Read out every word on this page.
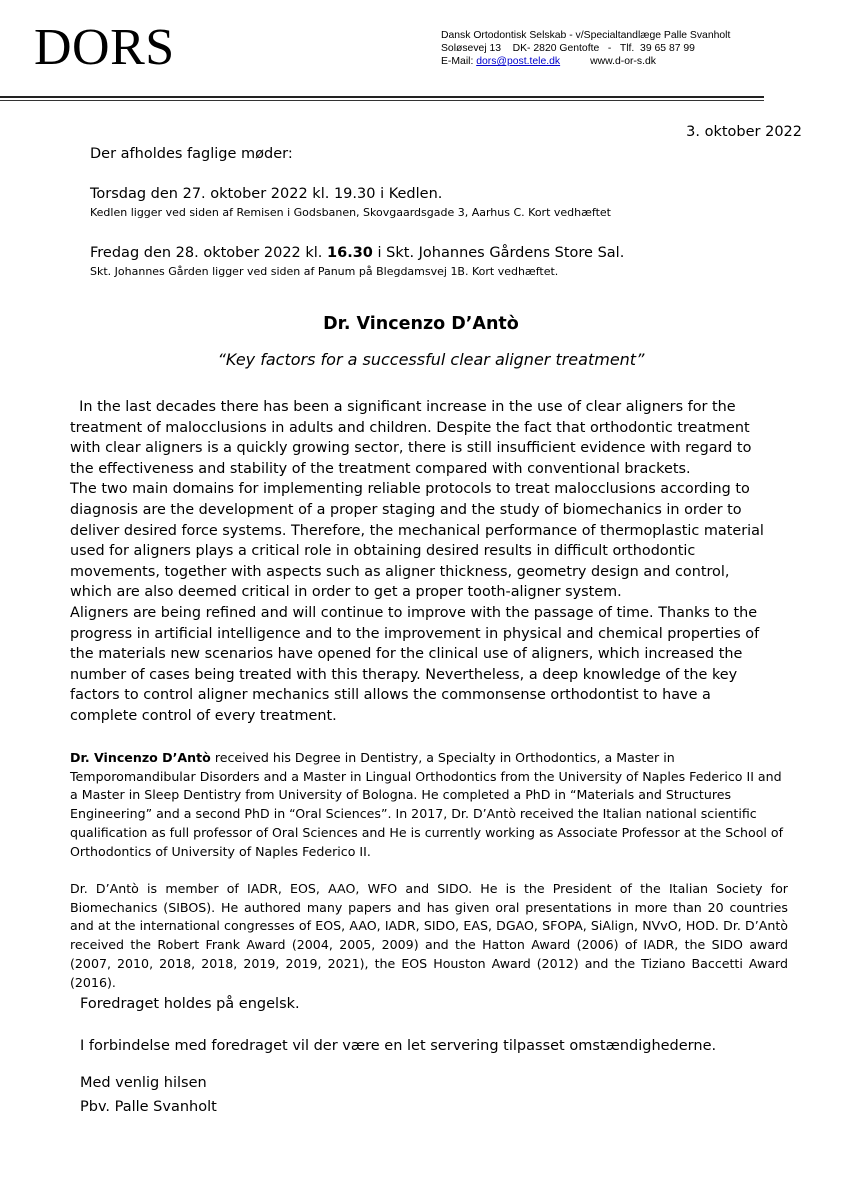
DORS	Dansk Ortodontisk Selskab - v/Specialtandlæge Palle Svanholt
Soløsevej 13    DK- 2820 Gentofte   -   Tlf.  39 65 87 99
E-Mail: dors@post.tele.dk	www.d-or-s.dk
3. oktober 2022
Der afholdes faglige møder:
Torsdag den 27. oktober 2022 kl. 19.30 i Kedlen.
Kedlen ligger ved siden af Remisen i Godsbanen, Skovgaardsgade 3, Aarhus C. Kort vedhæftet
Fredag den 28. oktober 2022 kl. 16.30 i Skt. Johannes Gårdens Store Sal.
Skt. Johannes Gården ligger ved siden af Panum på Blegdamsvej 1B. Kort vedhæftet.
Dr. Vincenzo D’Antò
“Key factors for a successful clear aligner treatment”
In the last decades there has been a significant increase in the use of clear aligners for the treatment of malocclusions in adults and children. Despite the fact that orthodontic treatment with clear aligners is a quickly growing sector, there is still insufficient evidence with regard to the effectiveness and stability of the treatment compared with conventional brackets.
The two main domains for implementing reliable protocols to treat malocclusions according to diagnosis are the development of a proper staging and the study of biomechanics in order to deliver desired force systems. Therefore, the mechanical performance of thermoplastic material used for aligners plays a critical role in obtaining desired results in difficult orthodontic movements, together with aspects such as aligner thickness, geometry design and control, which are also deemed critical in order to get a proper tooth-aligner system.
Aligners are being refined and will continue to improve with the passage of time. Thanks to the progress in artificial intelligence and to the improvement in physical and chemical properties of the materials new scenarios have opened for the clinical use of aligners, which increased the number of cases being treated with this therapy. Nevertheless, a deep knowledge of the key factors to control aligner mechanics still allows the commonsense orthodontist to have a complete control of every treatment.
Dr. Vincenzo D’Antò received his Degree in Dentistry, a Specialty in Orthodontics, a Master in Temporomandibular Disorders and a Master in Lingual Orthodontics from the University of Naples Federico II and a Master in Sleep Dentistry from University of Bologna. He completed a PhD in “Materials and Structures Engineering” and a second PhD in “Oral Sciences”. In 2017, Dr. D’Antò received the Italian national scientific qualification as full professor of Oral Sciences and He is currently working as Associate Professor at the School of Orthodontics of University of Naples Federico II.
Dr. D’Antò is member of IADR, EOS, AAO, WFO and SIDO. He is the President of the Italian Society for Biomechanics (SIBOS). He authored many papers and has given oral presentations in more than 20 countries and at the international congresses of EOS, AAO, IADR, SIDO, EAS, DGAO, SFOPA, SiAlign, NVvO, HOD. Dr. D’Antò received the Robert Frank Award (2004, 2005, 2009) and the Hatton Award (2006) of IADR, the SIDO award (2007, 2010, 2018, 2018, 2019, 2019, 2021), the EOS Houston Award (2012) and the Tiziano Baccetti Award (2016).
Foredraget holdes på engelsk.
I forbindelse med foredraget vil der være en let servering tilpasset omstændighederne.
Med venlig hilsen
Pbv. Palle Svanholt
